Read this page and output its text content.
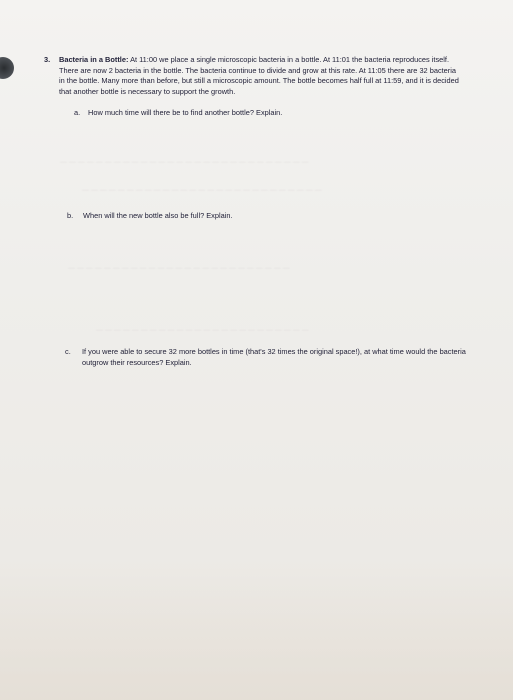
— — — — — — — — — — — — — — — — — — — — — — — — — — — —
— — — — — — — — — — — — — — — — — — — — — — — — — — —
— — — — — — — — — — — — — — — — — — — — — — — — —
— — — — — — — — — — — — — — — — — — — — — — — —
3. Bacteria in a Bottle: At 11:00 we place a single microscopic bacteria in a bottle. At 11:01 the bacteria reproduces itself. There are now 2 bacteria in the bottle. The bacteria continue to divide and grow at this rate. At 11:05 there are 32 bacteria in the bottle. Many more than before, but still a microscopic amount. The bottle becomes half full at 11:59, and it is decided that another bottle is necessary to support the growth.
a. How much time will there be to find another bottle? Explain.
b. When will the new bottle also be full? Explain.
c. If you were able to secure 32 more bottles in time (that's 32 times the original space!), at what time would the bacteria outgrow their resources? Explain.
